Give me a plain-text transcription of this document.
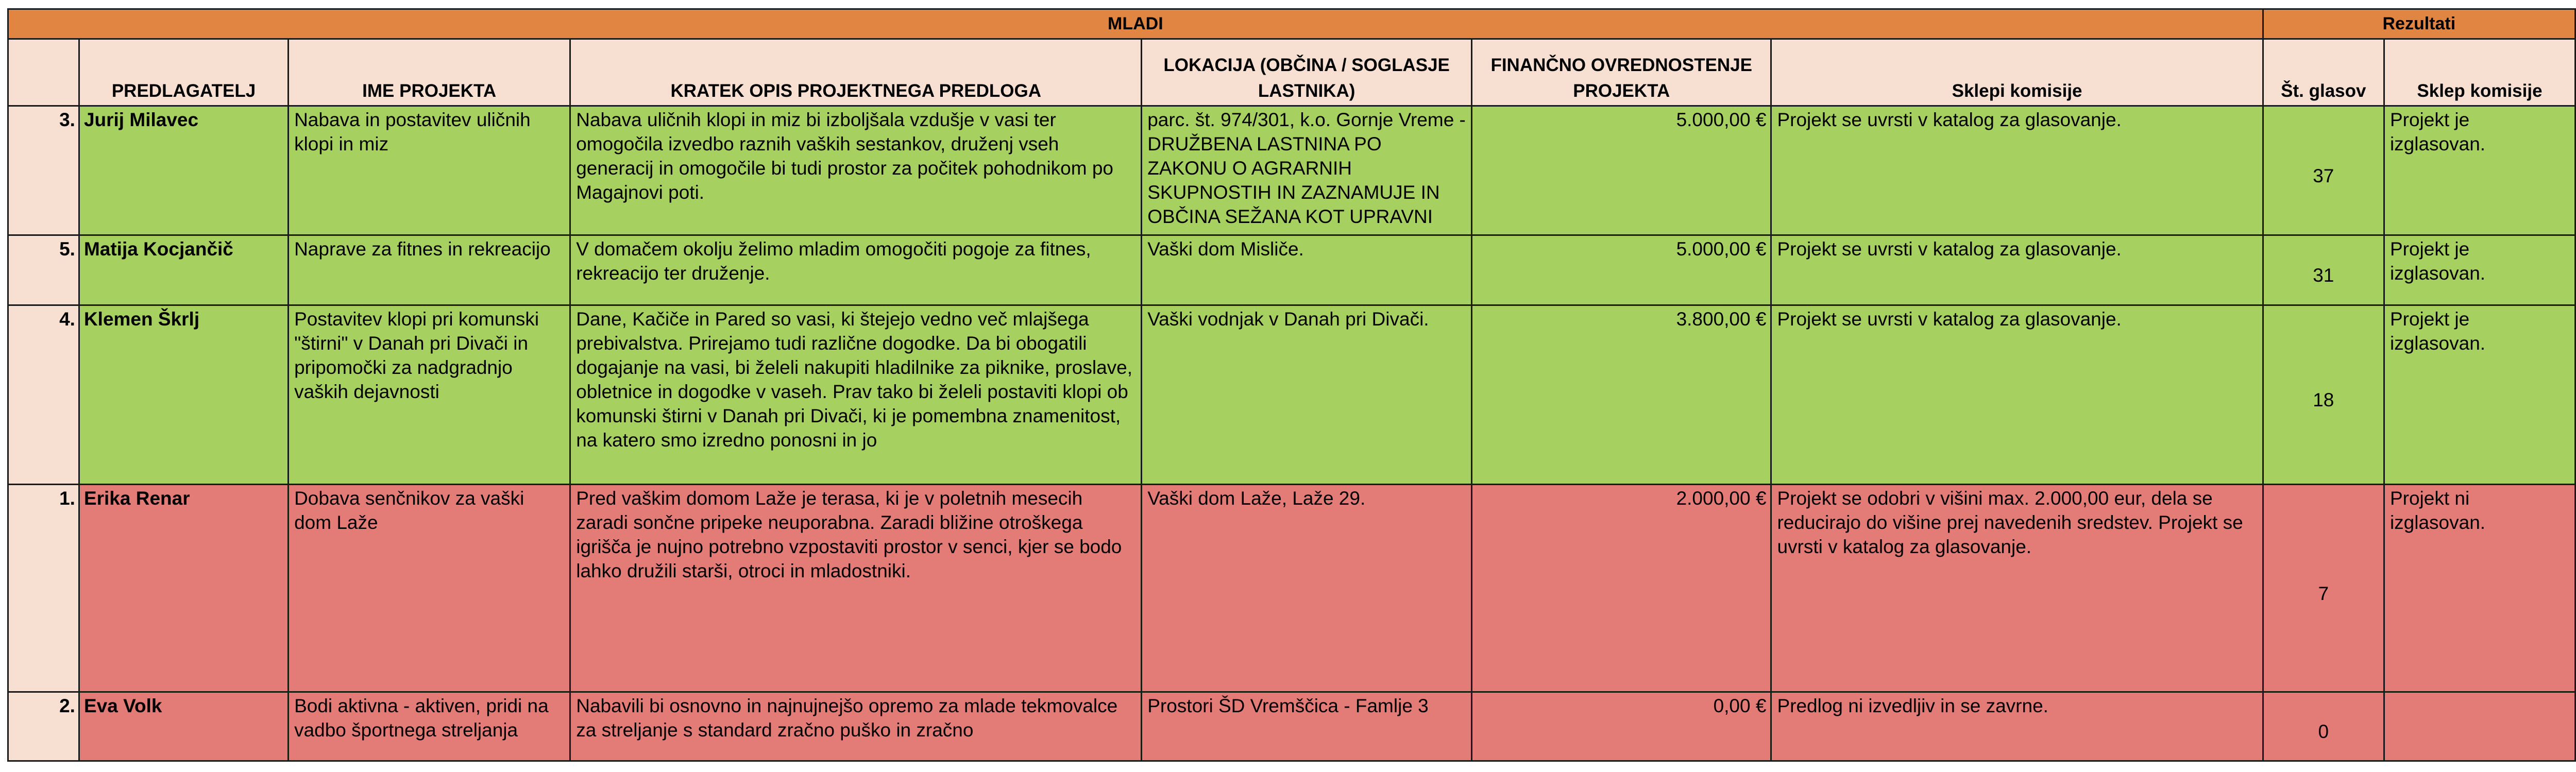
MLADI							Rezultati	
	PREDLAGATELJ	IME PROJEKTA	KRATEK OPIS PROJEKTNEGA PREDLOGA	LOKACIJA (OBČINA / SOGLASJE LASTNIKA)	FINANČNO OVREDNOSTENJE PROJEKTA	Sklepi komisije	Št. glasov	Sklep komisije
3.	Jurij Milavec	Nabava in postavitev uličnih klopi in miz	Nabava uličnih klopi in miz bi izboljšala vzdušje v vasi ter omogočila izvedbo raznih vaških sestankov, druženj vseh generacij in omogočile bi tudi prostor za počitek pohodnikom po Magajnovi poti.	parc. št. 974/301, k.o. Gornje Vreme - DRUŽBENA LASTNINA PO ZAKONU O AGRARNIH SKUPNOSTIH IN ZAZNAMUJE IN OBČINA SEŽANA KOT UPRAVNI	5.000,00 €	Projekt se uvrsti v katalog za glasovanje.	37	Projekt je izglasovan.
5.	Matija Kocjančič	Naprave za fitnes in rekreacijo	V domačem okolju želimo mladim omogočiti pogoje za fitnes, rekreacijo ter druženje.	Vaški dom Misliče.	5.000,00 €	Projekt se uvrsti v katalog za glasovanje.	31	Projekt je izglasovan.
4.	Klemen Škrlj	Postavitev klopi pri komunski "štirni" v Danah pri Divači in pripomočki za nadgradnjo vaških dejavnosti	Dane, Kačiče in Pared so vasi, ki štejejo vedno več mlajšega prebivalstva. Prirejamo tudi različne dogodke. Da bi obogatili dogajanje na vasi, bi želeli nakupiti hladilnike za piknike, proslave, obletnice in dogodke v vaseh. Prav tako bi želeli postaviti klopi ob komunski štirni v Danah pri Divači, ki je pomembna znamenitost, na katero smo izredno ponosni in jo	Vaški vodnjak v Danah pri Divači.	3.800,00 €	Projekt se uvrsti v katalog za glasovanje.	18	Projekt je izglasovan.
1.	Erika Renar	Dobava senčnikov za vaški dom Laže	Pred vaškim domom Laže je terasa, ki je v poletnih mesecih zaradi sončne pripeke neuporabna. Zaradi bližine otroškega igrišča je nujno potrebno vzpostaviti prostor v senci, kjer se bodo lahko družili starši, otroci in mladostniki.	Vaški dom Laže, Laže 29.	2.000,00 €	Projekt se odobri v višini max. 2.000,00 eur, dela se reducirajo do višine prej navedenih sredstev. Projekt se uvrsti v katalog za glasovanje.	7	Projekt ni izglasovan.
2.	Eva Volk	Bodi aktivna - aktiven, pridi na vadbo športnega streljanja	Nabavili bi osnovno in najnujnejšo opremo za mlade tekmovalce za streljanje s standard zračno puško in zračno	Prostori ŠD Vremščica - Famlje 3	0,00 €	Predlog ni izvedljiv in se zavrne.	0	
